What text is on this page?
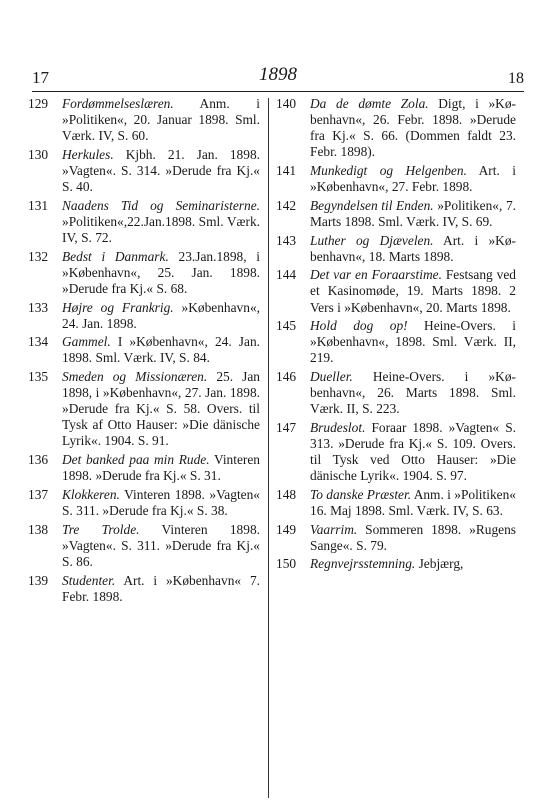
17	1898	18
129	Fordømmelseslæren. Anm. i »Politiken«, 20. Januar 1898. Sml. Værk. IV, S. 60.
130	Herkules. Kjbh. 21. Jan. 1898. »Vagten«. S. 314. »Derude fra Kj.« S. 40.
131	Naadens Tid og Seminaristerne. »Politiken«,22.Jan.1898. Sml. Værk. IV, S. 72.
132	Bedst i Danmark. 23.Jan.1898, i »København«, 25. Jan. 1898. »Derude fra Kj.« S. 68.
133	Højre og Frankrig. »København«, 24. Jan. 1898.
134	Gammel. I »København«, 24. Jan. 1898. Sml. Værk. IV, S. 84.
135	Smeden og Missionæren. 25. Jan 1898, i »København«, 27. Jan. 1898. »Derude fra Kj.« S. 58. Overs. til Tysk af Otto Hauser: »Die dänische Lyrik«. 1904. S. 91.
136	Det banked paa min Rude. Vinteren 1898. »Derude fra Kj.« S. 31.
137	Klokkeren. Vinteren 1898. »Vagten« S. 311. »Derude fra Kj.« S. 38.
138	Tre Trolde. Vinteren 1898. »Vagten«. S. 311. »Derude fra Kj.« S. 86.
139	Studenter. Art. i »København« 7. Febr. 1898.
140	Da de dømte Zola. Digt, i »København«, 26. Febr. 1898. »Derude fra Kj.« S. 66. (Dommen faldt 23. Febr. 1898).
141	Munkedigt og Helgenben. Art. i »København«, 27. Febr. 1898.
142	Begyndelsen til Enden. »Politiken«, 7. Marts 1898. Sml. Værk. IV, S. 69.
143	Luther og Djævelen. Art. i »København«, 18. Marts 1898.
144	Det var en Foraarstime. Festsang ved et Kasinomøde, 19. Marts 1898. 2 Vers i »København«, 20. Marts 1898.
145	Hold dog op! Heine-Overs. i »København«, 1898. Sml. Værk. II, 219.
146	Dueller. Heine-Overs. i »København«, 26. Marts 1898. Sml. Værk. II, S. 223.
147	Brudeslot. Foraar 1898. »Vagten« S. 313. »Derude fra Kj.« S. 109. Overs. til Tysk ved Otto Hauser: »Die dänische Lyrik«. 1904. S. 97.
148	To danske Præster. Anm. i »Politiken« 16. Maj 1898. Sml. Værk. IV, S. 63.
149	Vaarrim. Sommeren 1898. »Rugens Sange«. S. 79.
150	Regnvejrsstemning. Jebjærg,
